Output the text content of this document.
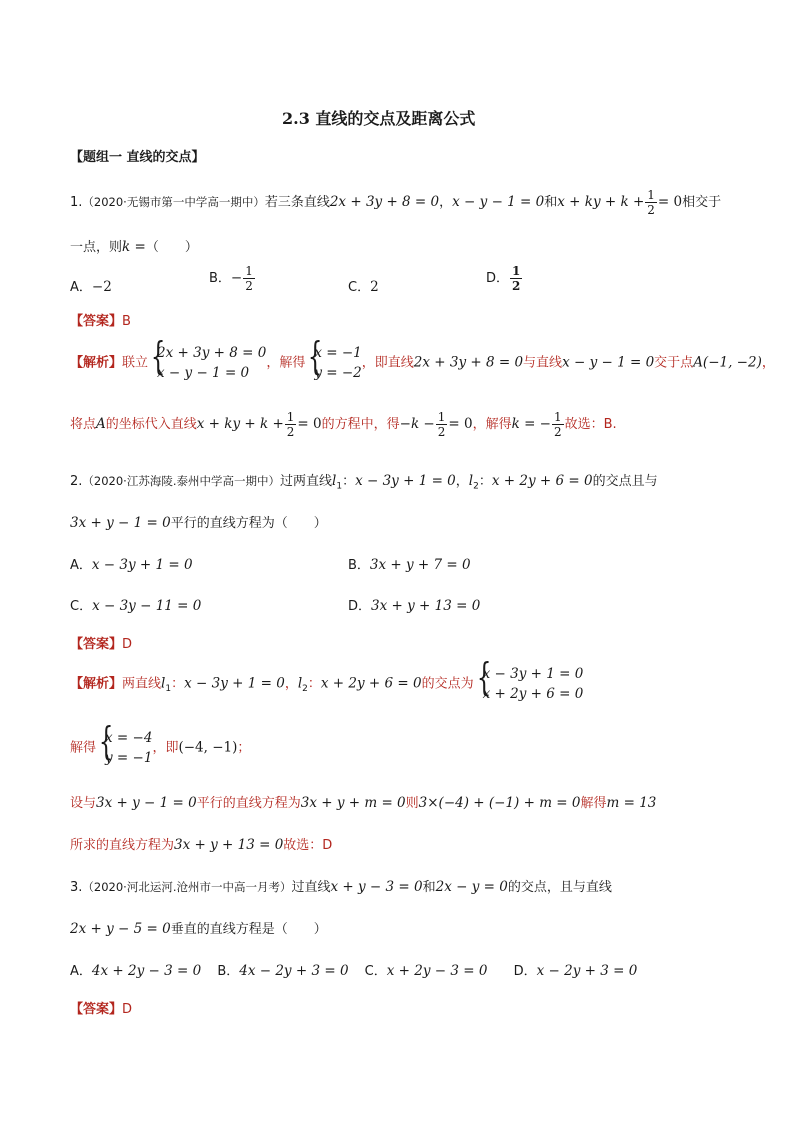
2.3 直线的交点及距离公式
【题组一 直线的交点】
1.（2020·无锡市第一中学高一期中）若三条直线2x + 3y + 8 = 0，x − y − 1 = 0和x + ky + $k + \frac{1}{2} = 0$相交于
一点，则k =（　　）
A．−2
B．− $\frac{1}{2}$	C．2
D． $\frac{1}{2}$
【答案】B
【解析】联立 {
2x + 3y + 8 = 0
x − y − 1 = 0
，解得 {
x = −1
y = −2
，即直线2x + 3y + 8 = 0与直线x − y − 1 = 0交于点A(−1, −2)，
将点A的坐标代入直线x + ky + $k + \frac{1}{2} = 0$的方程中，得$-k - \frac{1}{2} = 0$，解得k = − $\frac{1}{2}$ 故选：B.
2.（2020·江苏海陵.泰州中学高一期中）过两直线$l_1$：x − 3y + 1 = 0，$l_2$：x + 2y + 6 = 0的交点且与
3x + y − 1 = 0平行的直线方程为（　　）
A．x − 3y + 1 = 0	B．3x + y + 7 = 0
C．x − 3y − 11 = 0	D．3x + y + 13 = 0
【答案】D
【解析】两直线$l_1$：x − 3y + 1 = 0，$l_2$：x + 2y + 6 = 0的交点为 {
x − 3y + 1 = 0
x + 2y + 6 = 0
解得 {
x = −4
y = −1
，即(−4, −1)；
设与3x + y − 1 = 0平行的直线方程为3x + y + m = 0则3×(−4) + (−1) + m = 0解得m = 13
所求的直线方程为3x + y + 13 = 0故选：D
3.（2020·河北运河.沧州市一中高一月考）过直线x + y − 3 = 0和2x − y = 0的交点，且与直线
2x + y − 5 = 0垂直的直线方程是（　　）
A．4x + 2y − 3 = 0 B．4x − 2y + 3 = 0 C．x + 2y − 3 = 0 D．x − 2y + 3 = 0
【答案】D
